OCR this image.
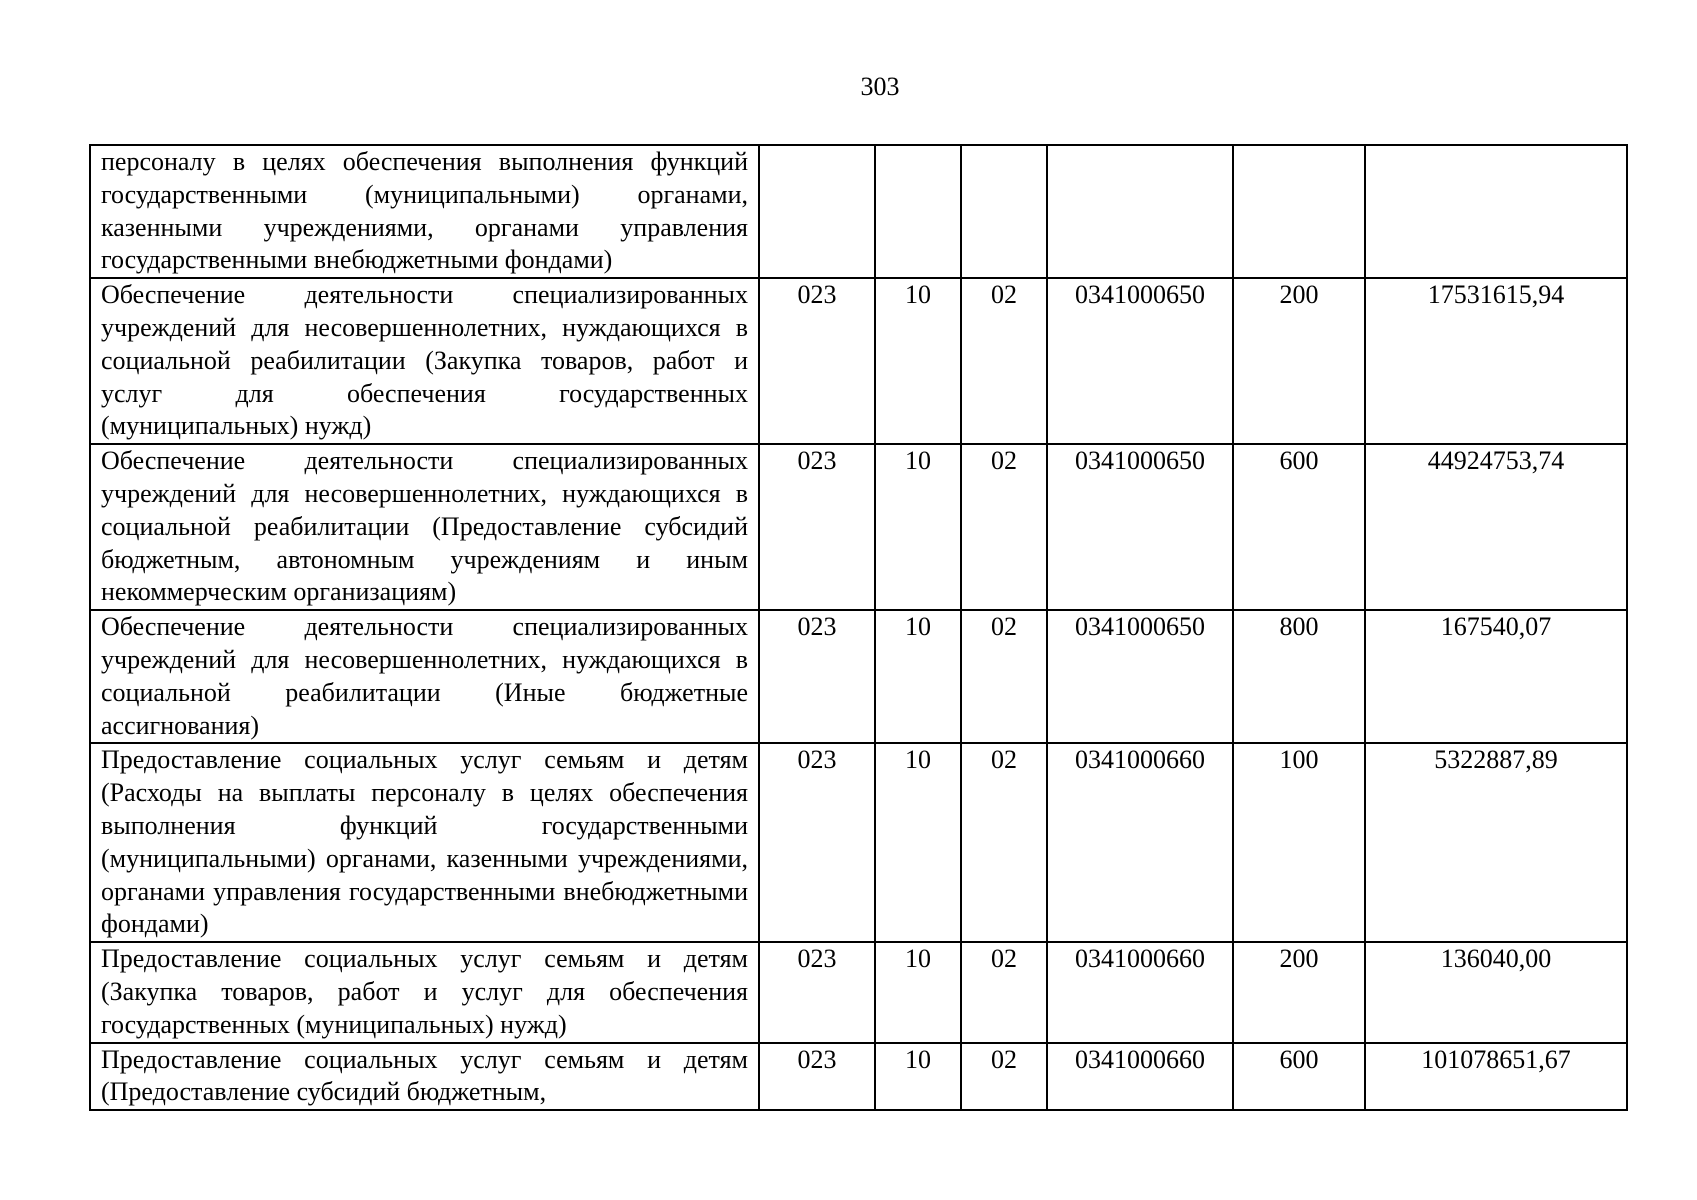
303
персоналу в целях обеспечения выполнения функций государственными (муниципальными) органами, казенными учреждениями, органами управления государственными внебюджетными фондами)						
Обеспечение деятельности специализированных учреждений для несовершеннолетних, нуждающихся в социальной реабилитации (Закупка товаров, работ и услуг для обеспечения государственных (муниципальных) нужд)	023	10	02	0341000650	200	17531615,94
Обеспечение деятельности специализированных учреждений для несовершеннолетних, нуждающихся в социальной реабилитации (Предоставление субсидий бюджетным, автономным учреждениям и иным некоммерческим организациям)	023	10	02	0341000650	600	44924753,74
Обеспечение деятельности специализированных учреждений для несовершеннолетних, нуждающихся в социальной реабилитации (Иные бюджетные ассигнования)	023	10	02	0341000650	800	167540,07
Предоставление социальных услуг семьям и детям (Расходы на выплаты персоналу в целях обеспечения выполнения функций государственными (муниципальными) органами, казенными учреждениями, органами управления государственными внебюджетными фондами)	023	10	02	0341000660	100	5322887,89
Предоставление социальных услуг семьям и детям (Закупка товаров, работ и услуг для обеспечения государственных (муниципальных) нужд)	023	10	02	0341000660	200	136040,00
Предоставление социальных услуг семьям и детям (Предоставление субсидий бюджетным,	023	10	02	0341000660	600	101078651,67
